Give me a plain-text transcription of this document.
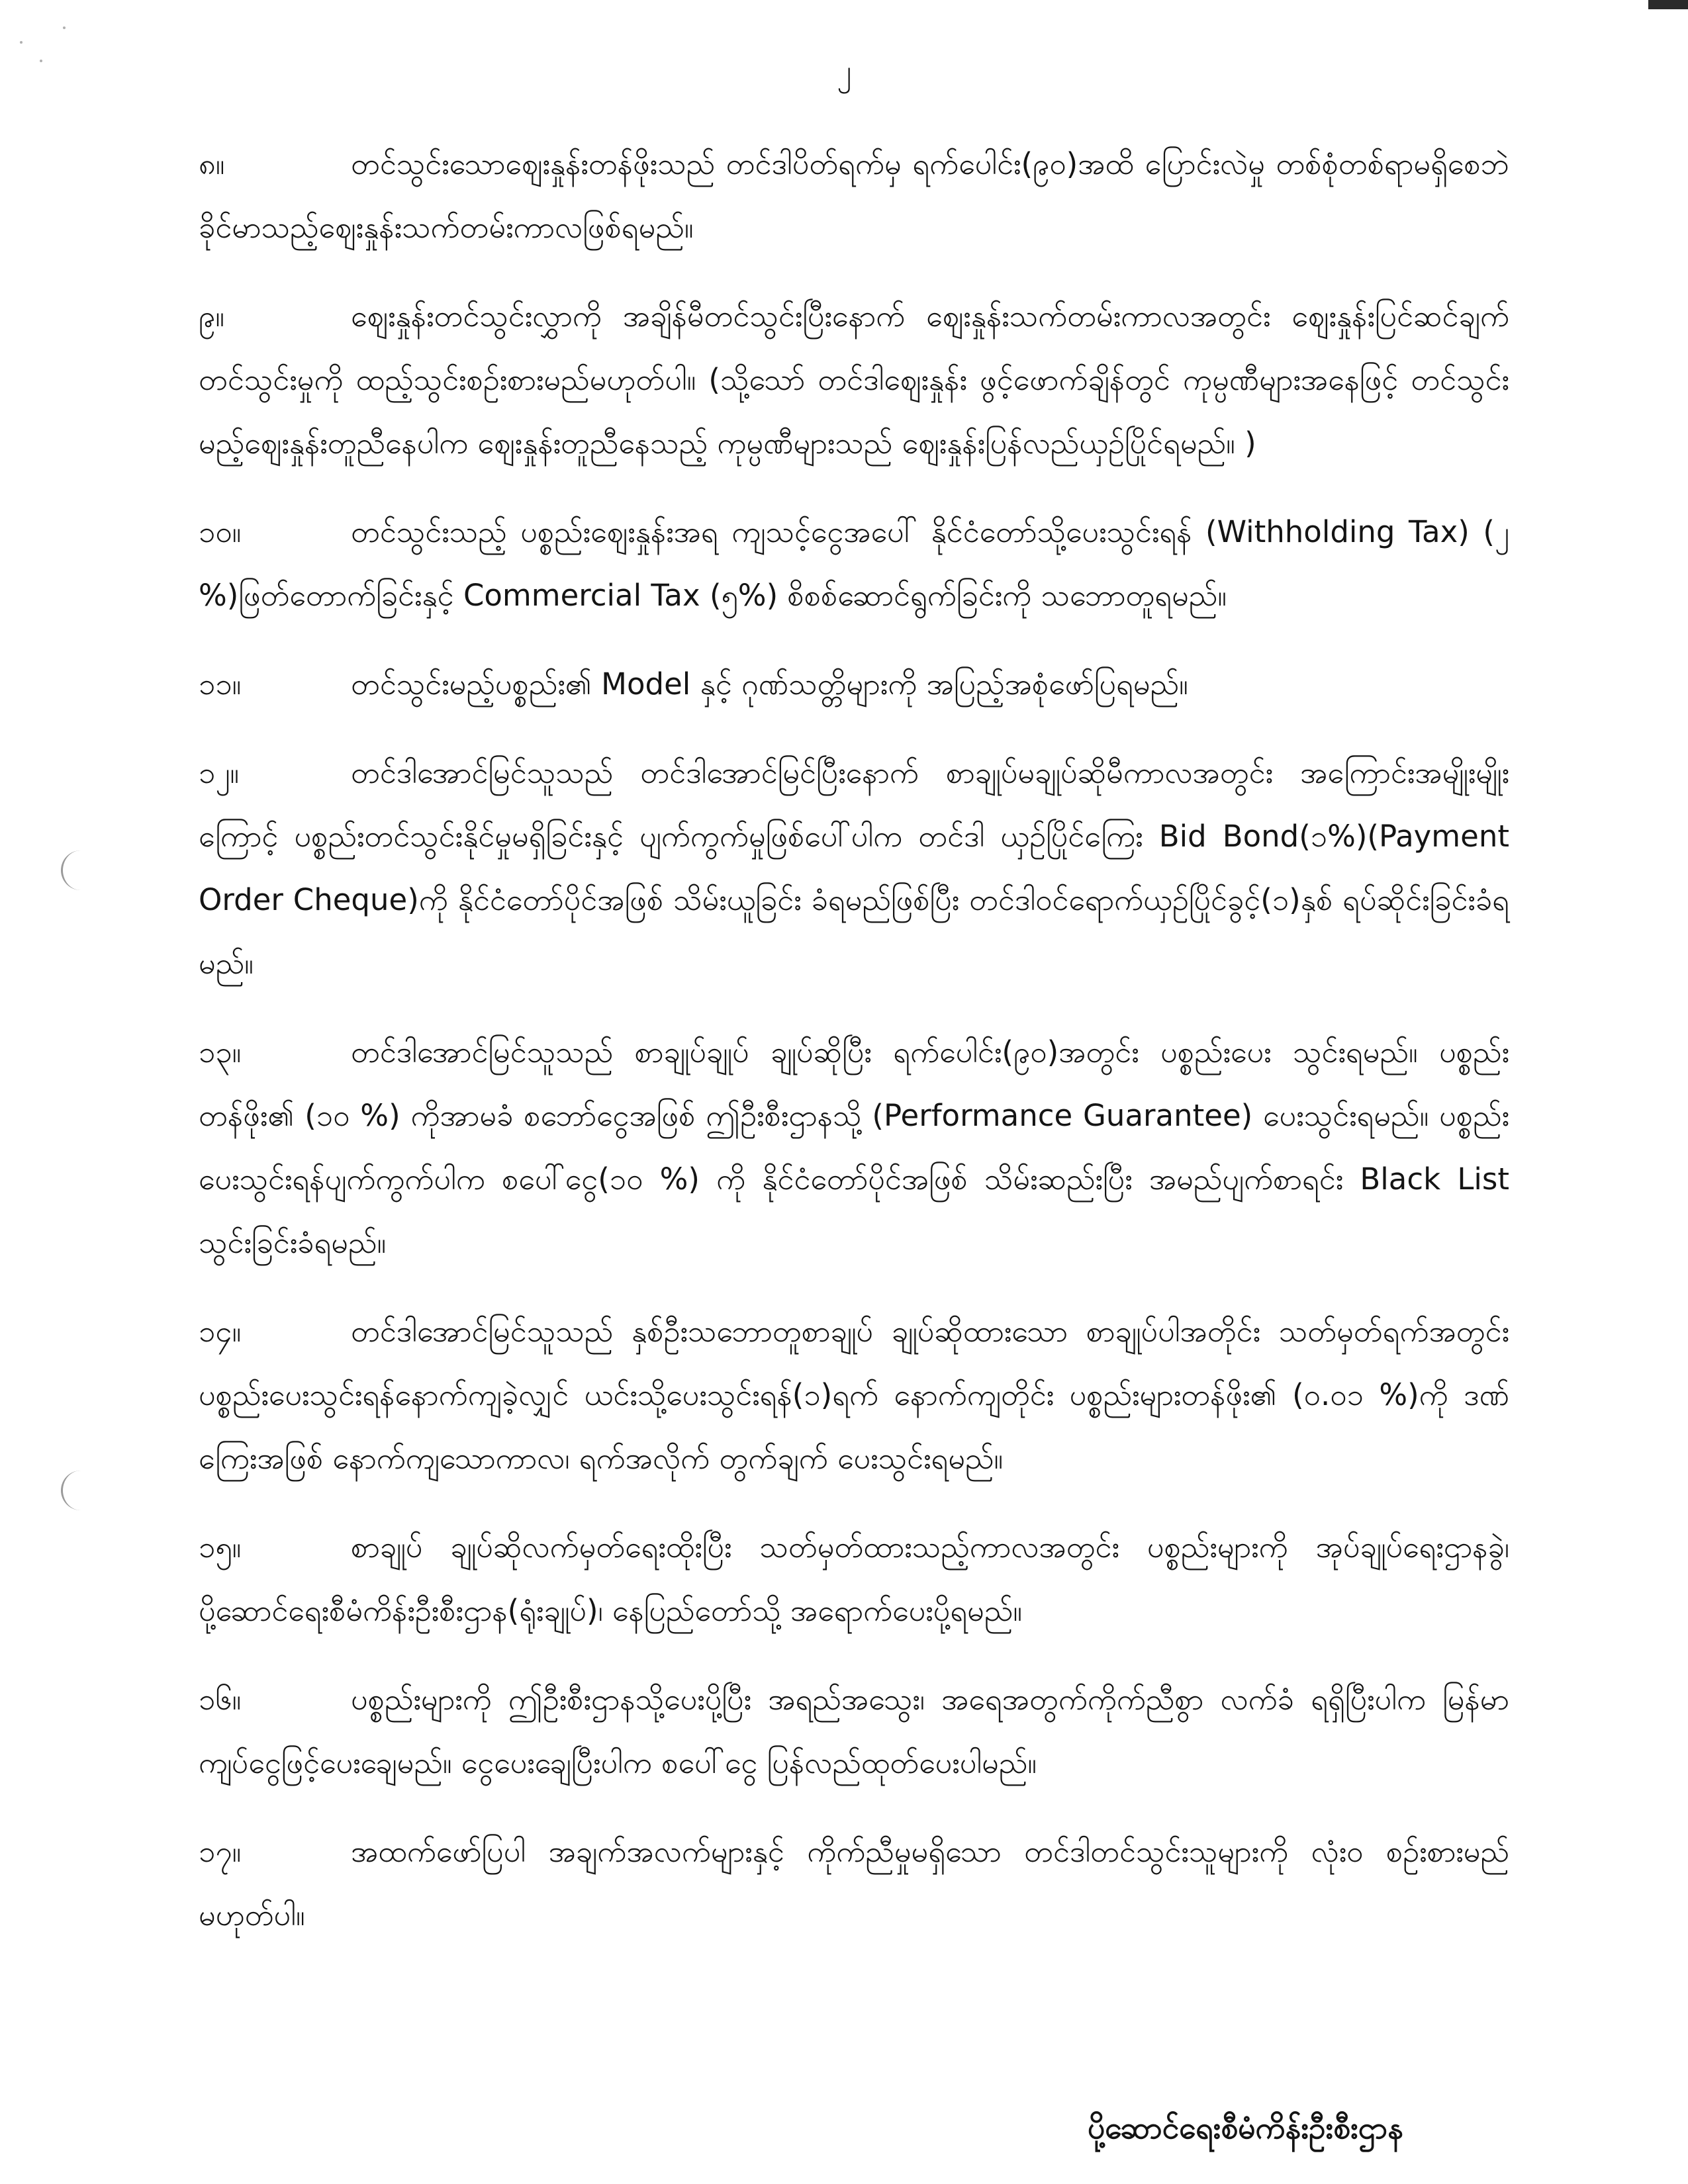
၂

၈။	တင်သွင်းသောဈေးနှုန်းတန်ဖိုးသည် တင်ဒါပိတ်ရက်မှ ရက်ပေါင်း(၉၀)အထိ ပြောင်းလဲမှု တစ်စုံတစ်ရာမရှိစေဘဲ ခိုင်မာသည့်ဈေးနှုန်းသက်တမ်းကာလဖြစ်ရမည်။

၉။	ဈေးနှုန်းတင်သွင်းလွှာကို အချိန်မီတင်သွင်းပြီးနောက် ဈေးနှုန်းသက်တမ်းကာလအတွင်း ဈေးနှုန်းပြင်ဆင်ချက်တင်သွင်းမှုကို ထည့်သွင်းစဉ်းစားမည်မဟုတ်ပါ။ (သို့သော် တင်ဒါဈေးနှုန်း ဖွင့်ဖောက်ချိန်တွင် ကုမ္ပဏီများအနေဖြင့် တင်သွင်းမည့်ဈေးနှုန်းတူညီနေပါက ဈေးနှုန်းတူညီနေသည့် ကုမ္ပဏီများသည် ဈေးနှုန်းပြန်လည်ယှဉ်ပြိုင်ရမည်။ )

၁၀။	တင်သွင်းသည့် ပစ္စည်းဈေးနှုန်းအရ ကျသင့်ငွေအပေါ် နိုင်ငံတော်သို့ပေးသွင်းရန် (Withholding Tax) (၂ %)ဖြတ်တောက်ခြင်းနှင့် Commercial Tax (၅%) စိစစ်ဆောင်ရွက်ခြင်းကို သဘောတူရမည်။

၁၁။	တင်သွင်းမည့်ပစ္စည်း၏ Model နှင့် ဂုဏ်သတ္တိများကို အပြည့်အစုံဖော်ပြရမည်။

၁၂။	တင်ဒါအောင်မြင်သူသည် တင်ဒါအောင်မြင်ပြီးနောက် စာချုပ်မချုပ်ဆိုမီကာလအတွင်း အကြောင်းအမျိုးမျိုးကြောင့် ပစ္စည်းတင်သွင်းနိုင်မှုမရှိခြင်းနှင့် ပျက်ကွက်မှုဖြစ်ပေါ်ပါက တင်ဒါ ယှဉ်ပြိုင်ကြေး Bid Bond(၁%)(Payment Order Cheque)ကို နိုင်ငံတော်ပိုင်အဖြစ် သိမ်းယူခြင်း ခံရမည်ဖြစ်ပြီး တင်ဒါဝင်ရောက်ယှဉ်ပြိုင်ခွင့်(၁)နှစ် ရပ်ဆိုင်းခြင်းခံရမည်။

၁၃။	တင်ဒါအောင်မြင်သူသည် စာချုပ်ချုပ် ချုပ်ဆိုပြီး ရက်ပေါင်း(၉၀)အတွင်း ပစ္စည်းပေး သွင်းရမည်။ ပစ္စည်းတန်ဖိုး၏ (၁၀ %) ကိုအာမခံ စဘော်ငွေအဖြစ် ဤဦးစီးဌာနသို့ (Performance Guarantee) ပေးသွင်းရမည်။ ပစ္စည်းပေးသွင်းရန်ပျက်ကွက်ပါက စပေါ်ငွေ(၁၀ %) ကို နိုင်ငံတော်ပိုင်အဖြစ် သိမ်းဆည်းပြီး အမည်ပျက်စာရင်း Black List သွင်းခြင်းခံရမည်။

၁၄။	တင်ဒါအောင်မြင်သူသည် နှစ်ဦးသဘောတူစာချုပ် ချုပ်ဆိုထားသော စာချုပ်ပါအတိုင်း သတ်မှတ်ရက်အတွင်း ပစ္စည်းပေးသွင်းရန်နောက်ကျခဲ့လျှင် ယင်းသို့ပေးသွင်းရန်(၁)ရက် နောက်ကျတိုင်း ပစ္စည်းများတန်ဖိုး၏ (၀.၀၁ %)ကို ဒဏ်ကြေးအဖြစ် နောက်ကျသောကာလ၊ ရက်အလိုက် တွက်ချက် ပေးသွင်းရမည်။

၁၅။	စာချုပ် ချုပ်ဆိုလက်မှတ်ရေးထိုးပြီး သတ်မှတ်ထားသည့်ကာလအတွင်း ပစ္စည်းများကို အုပ်ချုပ်ရေးဌာနခွဲ၊ ပို့ဆောင်ရေးစီမံကိန်းဦးစီးဌာန(ရုံးချုပ်)၊ နေပြည်တော်သို့ အရောက်ပေးပို့ရမည်။

၁၆။	ပစ္စည်းများကို ဤဦးစီးဌာနသို့ပေးပို့ပြီး အရည်အသွေး၊ အရေအတွက်ကိုက်ညီစွာ လက်ခံ ရရှိပြီးပါက မြန်မာကျပ်ငွေဖြင့်ပေးချေမည်။ ငွေပေးချေပြီးပါက စပေါ်ငွေ ပြန်လည်ထုတ်ပေးပါမည်။

၁၇။	အထက်ဖော်ပြပါ အချက်အလက်များနှင့် ကိုက်ညီမှုမရှိသော တင်ဒါတင်သွင်းသူများကို လုံးဝ စဉ်းစားမည်မဟုတ်ပါ။

ပို့ဆောင်ရေးစီမံကိန်းဦးစီးဌာန
